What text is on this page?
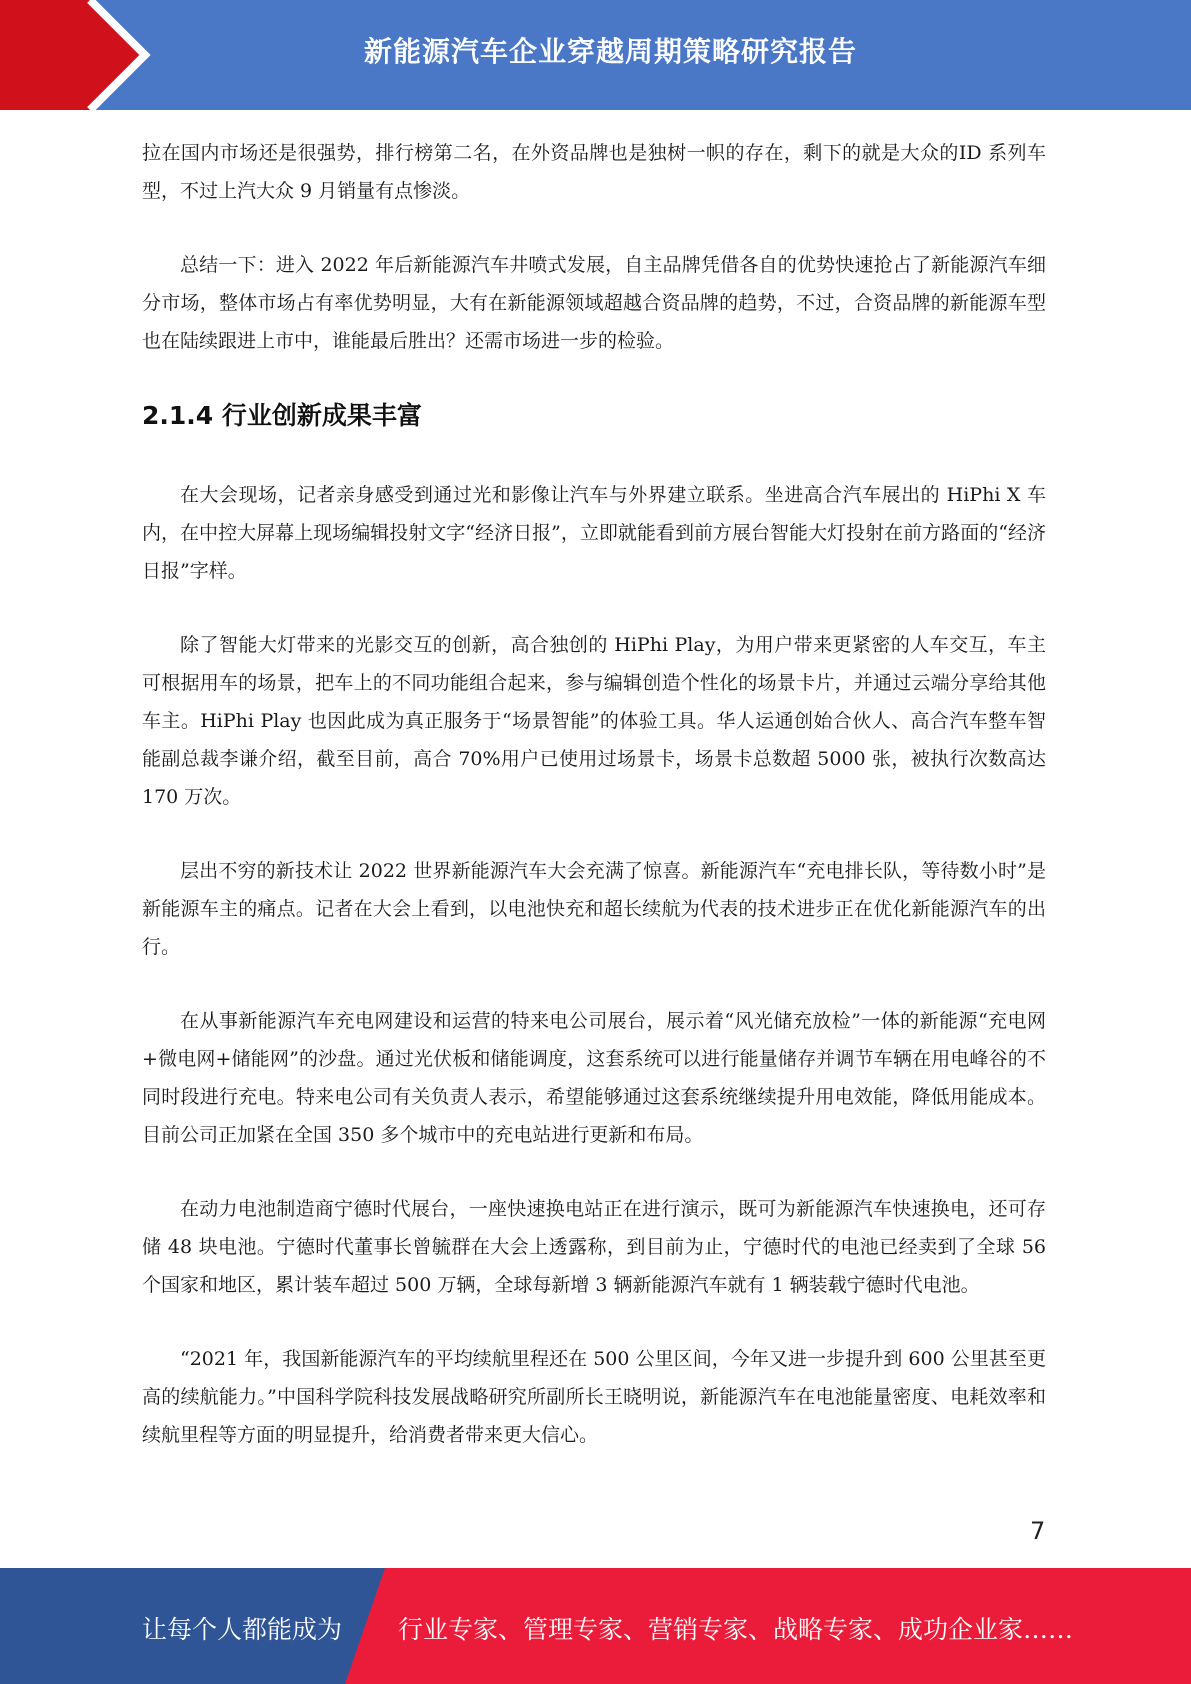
新能源汽车企业穿越周期策略研究报告

拉在国内市场还是很强势，排行榜第二名，在外资品牌也是独树一帜的存在，剩下的就是大众的ID 系列车型，不过上汽大众 9 月销量有点惨淡。

总结一下：进入 2022 年后新能源汽车井喷式发展，自主品牌凭借各自的优势快速抢占了新能源汽车细分市场，整体市场占有率优势明显，大有在新能源领域超越合资品牌的趋势，不过，合资品牌的新能源车型也在陆续跟进上市中，谁能最后胜出？还需市场进一步的检验。

2.1.4 行业创新成果丰富

在大会现场，记者亲身感受到通过光和影像让汽车与外界建立联系。坐进高合汽车展出的 HiPhi X 车内，在中控大屏幕上现场编辑投射文字“经济日报”，立即就能看到前方展台智能大灯投射在前方路面的“经济日报”字样。

除了智能大灯带来的光影交互的创新，高合独创的 HiPhi Play，为用户带来更紧密的人车交互，车主可根据用车的场景，把车上的不同功能组合起来，参与编辑创造个性化的场景卡片，并通过云端分享给其他车主。HiPhi Play 也因此成为真正服务于“场景智能”的体验工具。华人运通创始合伙人、高合汽车整车智能副总裁李谦介绍，截至目前，高合 70%用户已使用过场景卡，场景卡总数超 5000 张，被执行次数高达 170 万次。

层出不穷的新技术让 2022 世界新能源汽车大会充满了惊喜。新能源汽车“充电排长队，等待数小时”是新能源车主的痛点。记者在大会上看到，以电池快充和超长续航为代表的技术进步正在优化新能源汽车的出行。

在从事新能源汽车充电网建设和运营的特来电公司展台，展示着“风光储充放检”一体的新能源“充电网+微电网+储能网”的沙盘。通过光伏板和储能调度，这套系统可以进行能量储存并调节车辆在用电峰谷的不同时段进行充电。特来电公司有关负责人表示，希望能够通过这套系统继续提升用电效能，降低用能成本。目前公司正加紧在全国 350 多个城市中的充电站进行更新和布局。

在动力电池制造商宁德时代展台，一座快速换电站正在进行演示，既可为新能源汽车快速换电，还可存储 48 块电池。宁德时代董事长曾毓群在大会上透露称，到目前为止，宁德时代的电池已经卖到了全球 56 个国家和地区，累计装车超过 500 万辆，全球每新增 3 辆新能源汽车就有 1 辆装载宁德时代电池。

“2021 年，我国新能源汽车的平均续航里程还在 500 公里区间，今年又进一步提升到 600 公里甚至更高的续航能力。”中国科学院科技发展战略研究所副所长王晓明说，新能源汽车在电池能量密度、电耗效率和续航里程等方面的明显提升，给消费者带来更大信心。

7
让每个人都能成为 行业专家、管理专家、营销专家、战略专家、成功企业家……
